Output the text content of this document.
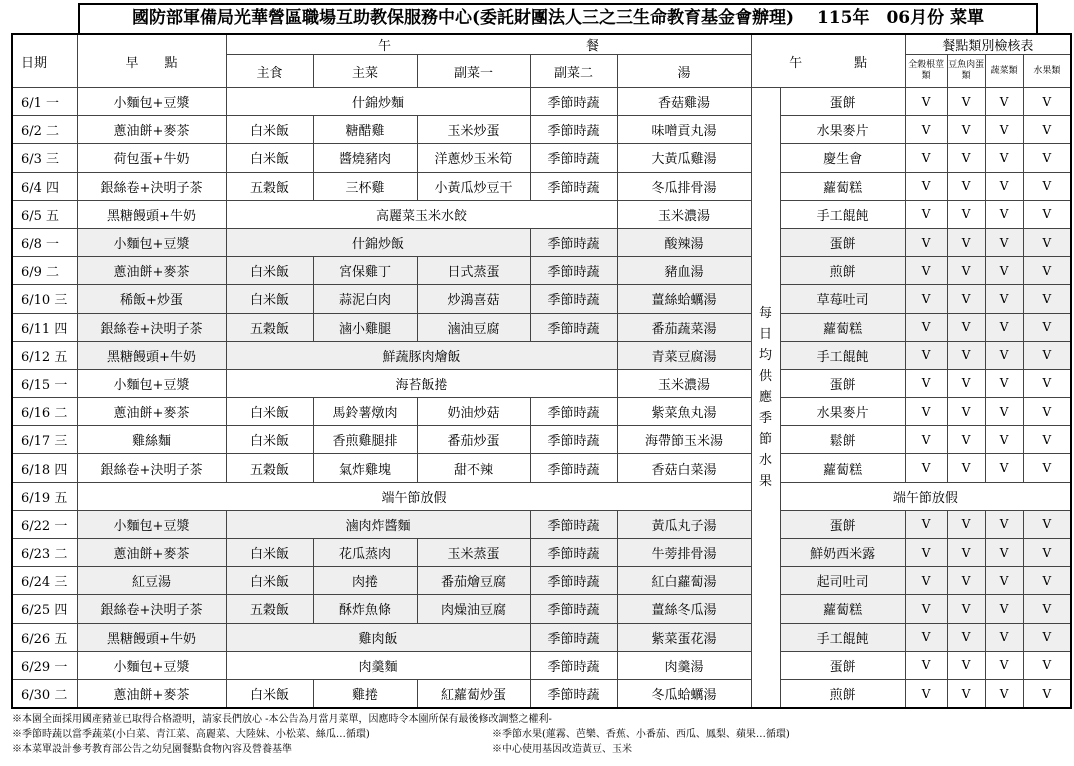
國防部軍備局光華營區職場互助教保服務中心(委託財團法人三之三生命教育基金會辦理)　 115年　06月份 菜單
日期	早　　點	午　　　　　　　　　　　　　　　餐					午　　　　點		餐點類別檢核表			
		主食	主菜	副菜一	副菜二	湯			全穀根莖類	豆魚肉蛋類	蔬菜類	水果類
6/1 一	小麵包+豆漿	什錦炒麵			季節時蔬	香菇雞湯	每日均供應季節水果	蛋餅	V	V	V	V
6/2 二	蔥油餅+麥茶	白米飯	糖醋雞	玉米炒蛋	季節時蔬	味噌貢丸湯		水果麥片	V	V	V	V
6/3 三	荷包蛋+牛奶	白米飯	醬燒豬肉	洋蔥炒玉米筍	季節時蔬	大黃瓜雞湯		慶生會	V	V	V	V
6/4 四	銀絲卷+決明子茶	五穀飯	三杯雞	小黃瓜炒豆干	季節時蔬	冬瓜排骨湯		蘿蔔糕	V	V	V	V
6/5 五	黑糖饅頭+牛奶	高麗菜玉米水餃				玉米濃湯		手工餛飩	V	V	V	V
6/8 一	小麵包+豆漿	什錦炒飯			季節時蔬	酸辣湯		蛋餅	V	V	V	V
6/9 二	蔥油餅+麥茶	白米飯	宮保雞丁	日式蒸蛋	季節時蔬	豬血湯		煎餅	V	V	V	V
6/10 三	稀飯+炒蛋	白米飯	蒜泥白肉	炒鴻喜菇	季節時蔬	薑絲蛤蠣湯		草莓吐司	V	V	V	V
6/11 四	銀絲卷+決明子茶	五穀飯	滷小雞腿	滷油豆腐	季節時蔬	番茄蔬菜湯		蘿蔔糕	V	V	V	V
6/12 五	黑糖饅頭+牛奶	鮮蔬豚肉燴飯				青菜豆腐湯		手工餛飩	V	V	V	V
6/15 一	小麵包+豆漿	海苔飯捲				玉米濃湯		蛋餅	V	V	V	V
6/16 二	蔥油餅+麥茶	白米飯	馬鈴薯燉肉	奶油炒菇	季節時蔬	紫菜魚丸湯		水果麥片	V	V	V	V
6/17 三	雞絲麵	白米飯	香煎雞腿排	番茄炒蛋	季節時蔬	海帶節玉米湯		鬆餅	V	V	V	V
6/18 四	銀絲卷+決明子茶	五穀飯	氣炸雞塊	甜不辣	季節時蔬	香菇白菜湯		蘿蔔糕	V	V	V	V
6/19 五	端午節放假							端午節放假				
6/22 一	小麵包+豆漿	滷肉炸醬麵			季節時蔬	黃瓜丸子湯		蛋餅	V	V	V	V
6/23 二	蔥油餅+麥茶	白米飯	花瓜蒸肉	玉米蒸蛋	季節時蔬	牛蒡排骨湯		鮮奶西米露	V	V	V	V
6/24 三	紅豆湯	白米飯	肉捲	番茄燴豆腐	季節時蔬	紅白蘿蔔湯		起司吐司	V	V	V	V
6/25 四	銀絲卷+決明子茶	五穀飯	酥炸魚條	肉燥油豆腐	季節時蔬	薑絲冬瓜湯		蘿蔔糕	V	V	V	V
6/26 五	黑糖饅頭+牛奶	雞肉飯			季節時蔬	紫菜蛋花湯		手工餛飩	V	V	V	V
6/29 一	小麵包+豆漿	肉羹麵			季節時蔬	肉羹湯		蛋餅	V	V	V	V
6/30 二	蔥油餅+麥茶	白米飯	雞捲	紅蘿蔔炒蛋	季節時蔬	冬瓜蛤蠣湯		煎餅	V	V	V	V
※本園全面採用國產豬並已取得合格證明，請家長們放心 -本公告為月當月菜單，因應時令本園所保有最後修改調整之權利-
※季節時蔬以當季蔬菜(小白菜、青江菜、高麗菜、大陸妹、小松菜、絲瓜…循環)	※季節水果(蓮霧、芭樂、香蕉、小番茄、西瓜、鳳梨、蘋果…循環)
※本菜單設計參考教育部公告之幼兒園餐點食物內容及營養基準	※中心使用基因改造黃豆、玉米
